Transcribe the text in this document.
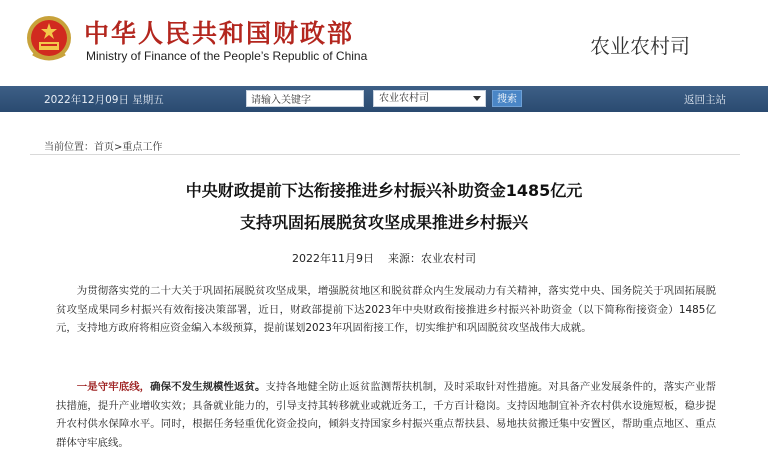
中华人民共和国财政部
Ministry of Finance of the People’s Republic of China	农业农村司
2022年12月09日 星期五
请输入关键字	农业农村司	搜索	返回主站
当前位置：首页>重点工作
中央财政提前下达衔接推进乡村振兴补助资金1485亿元
支持巩固拓展脱贫攻坚成果推进乡村振兴
2022年11月9日 来源：农业农村司
为贯彻落实党的二十大关于巩固拓展脱贫攻坚成果，增强脱贫地区和脱贫群众内生发展动力有关精神，落实党中央、国务院关于巩固拓展脱贫攻坚成果同乡村振兴有效衔接决策部署，近日，财政部提前下达2023年中央财政衔接推进乡村振兴补助资金（以下简称衔接资金）1485亿元，支持地方政府将相应资金编入本级预算，提前谋划2023年巩固衔接工作，切实维护和巩固脱贫攻坚战伟大成就。
一是守牢底线，确保不发生规模性返贫。支持各地健全防止返贫监测帮扶机制，及时采取针对性措施。对具备产业发展条件的，落实产业帮扶措施，提升产业增收实效；具备就业能力的，引导支持其转移就业或就近务工，千方百计稳岗。支持因地制宜补齐农村供水设施短板，稳步提升农村供水保障水平。同时，根据任务轻重优化资金投向，倾斜支持国家乡村振兴重点帮扶县、易地扶贫搬迁集中安置区，帮助重点地区、重点群体守牢底线。
